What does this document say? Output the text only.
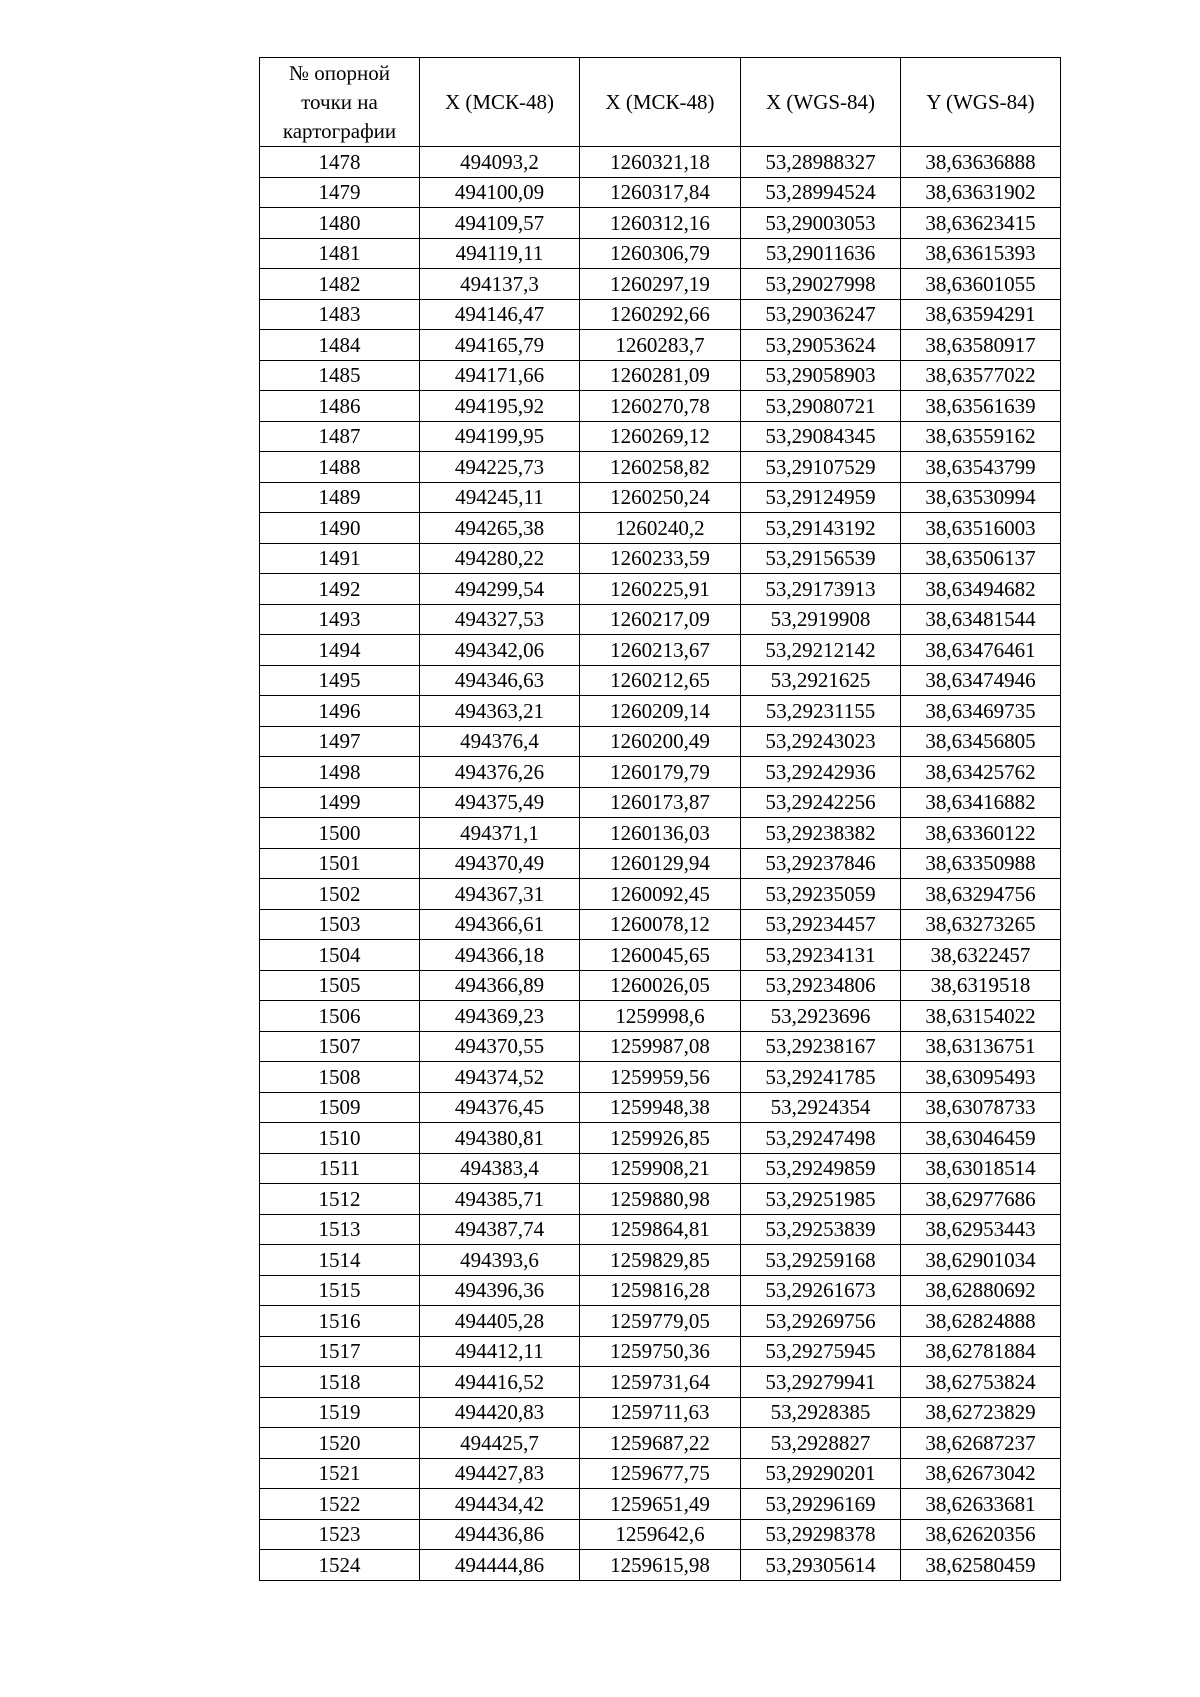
№ опорной точки на картографии	X (МСК-48)	X (МСК-48)	X (WGS-84)	Y (WGS-84)
1478	494093,2	1260321,18	53,28988327	38,63636888
1479	494100,09	1260317,84	53,28994524	38,63631902
1480	494109,57	1260312,16	53,29003053	38,63623415
1481	494119,11	1260306,79	53,29011636	38,63615393
1482	494137,3	1260297,19	53,29027998	38,63601055
1483	494146,47	1260292,66	53,29036247	38,63594291
1484	494165,79	1260283,7	53,29053624	38,63580917
1485	494171,66	1260281,09	53,29058903	38,63577022
1486	494195,92	1260270,78	53,29080721	38,63561639
1487	494199,95	1260269,12	53,29084345	38,63559162
1488	494225,73	1260258,82	53,29107529	38,63543799
1489	494245,11	1260250,24	53,29124959	38,63530994
1490	494265,38	1260240,2	53,29143192	38,63516003
1491	494280,22	1260233,59	53,29156539	38,63506137
1492	494299,54	1260225,91	53,29173913	38,63494682
1493	494327,53	1260217,09	53,2919908	38,63481544
1494	494342,06	1260213,67	53,29212142	38,63476461
1495	494346,63	1260212,65	53,2921625	38,63474946
1496	494363,21	1260209,14	53,29231155	38,63469735
1497	494376,4	1260200,49	53,29243023	38,63456805
1498	494376,26	1260179,79	53,29242936	38,63425762
1499	494375,49	1260173,87	53,29242256	38,63416882
1500	494371,1	1260136,03	53,29238382	38,63360122
1501	494370,49	1260129,94	53,29237846	38,63350988
1502	494367,31	1260092,45	53,29235059	38,63294756
1503	494366,61	1260078,12	53,29234457	38,63273265
1504	494366,18	1260045,65	53,29234131	38,6322457
1505	494366,89	1260026,05	53,29234806	38,6319518
1506	494369,23	1259998,6	53,2923696	38,63154022
1507	494370,55	1259987,08	53,29238167	38,63136751
1508	494374,52	1259959,56	53,29241785	38,63095493
1509	494376,45	1259948,38	53,2924354	38,63078733
1510	494380,81	1259926,85	53,29247498	38,63046459
1511	494383,4	1259908,21	53,29249859	38,63018514
1512	494385,71	1259880,98	53,29251985	38,62977686
1513	494387,74	1259864,81	53,29253839	38,62953443
1514	494393,6	1259829,85	53,29259168	38,62901034
1515	494396,36	1259816,28	53,29261673	38,62880692
1516	494405,28	1259779,05	53,29269756	38,62824888
1517	494412,11	1259750,36	53,29275945	38,62781884
1518	494416,52	1259731,64	53,29279941	38,62753824
1519	494420,83	1259711,63	53,2928385	38,62723829
1520	494425,7	1259687,22	53,2928827	38,62687237
1521	494427,83	1259677,75	53,29290201	38,62673042
1522	494434,42	1259651,49	53,29296169	38,62633681
1523	494436,86	1259642,6	53,29298378	38,62620356
1524	494444,86	1259615,98	53,29305614	38,62580459
